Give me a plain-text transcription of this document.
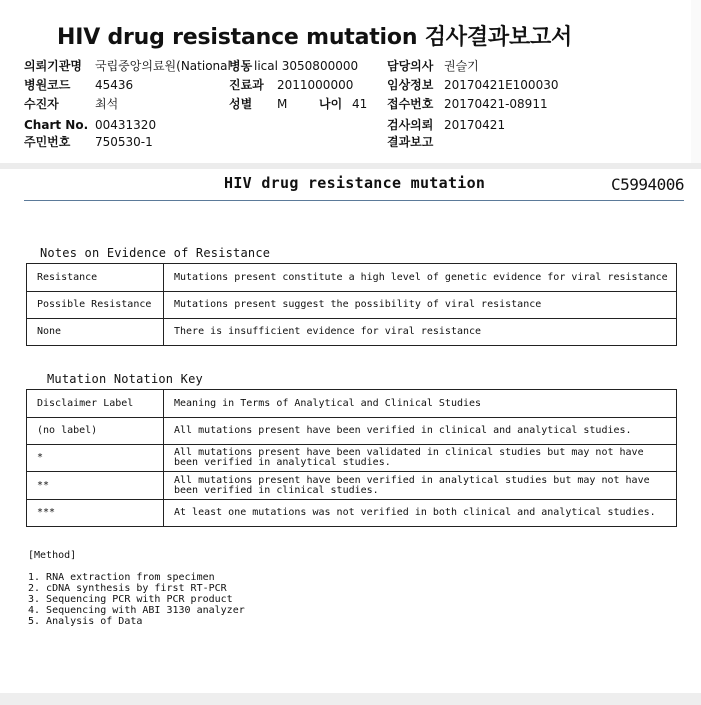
HIV drug resistance mutation 검사결과보고서
의뢰기관명 국립중앙의료원(National
병동 lical 3050800000 담당의사 권슬기
병원코드 45436	진료과 2011000000	임상정보 20170421E100030
수진자	최석	성별 M	나이 41 접수번호 20170421-08911
Chart No. 00431320	검사의뢰 20170421
주민번호 750530-1	결과보고
HIV drug resistance mutation	C5994006
Notes on Evidence of Resistance
Resistance	Mutations present constitute a high level of genetic evidence for viral resistance
Possible Resistance	Mutations present suggest the possibility of viral resistance
None	There is insufficient evidence for viral resistance
Mutation Notation Key
Disclaimer Label	Meaning in Terms of Analytical and Clinical Studies
(no label)	All mutations present have been verified in clinical and analytical studies.
*	All mutations present have been validated in clinical studies but may not have been verified in analytical studies.
**	All mutations present have been verified in analytical studies but may not have been verified in clinical studies.
***	At least one mutations was not verified in both clinical and analytical studies.
[Method]
1. RNA extraction from specimen
2. cDNA synthesis by first RT-PCR
3. Sequencing PCR with PCR product
4. Sequencing with ABI 3130 analyzer
5. Analysis of Data
